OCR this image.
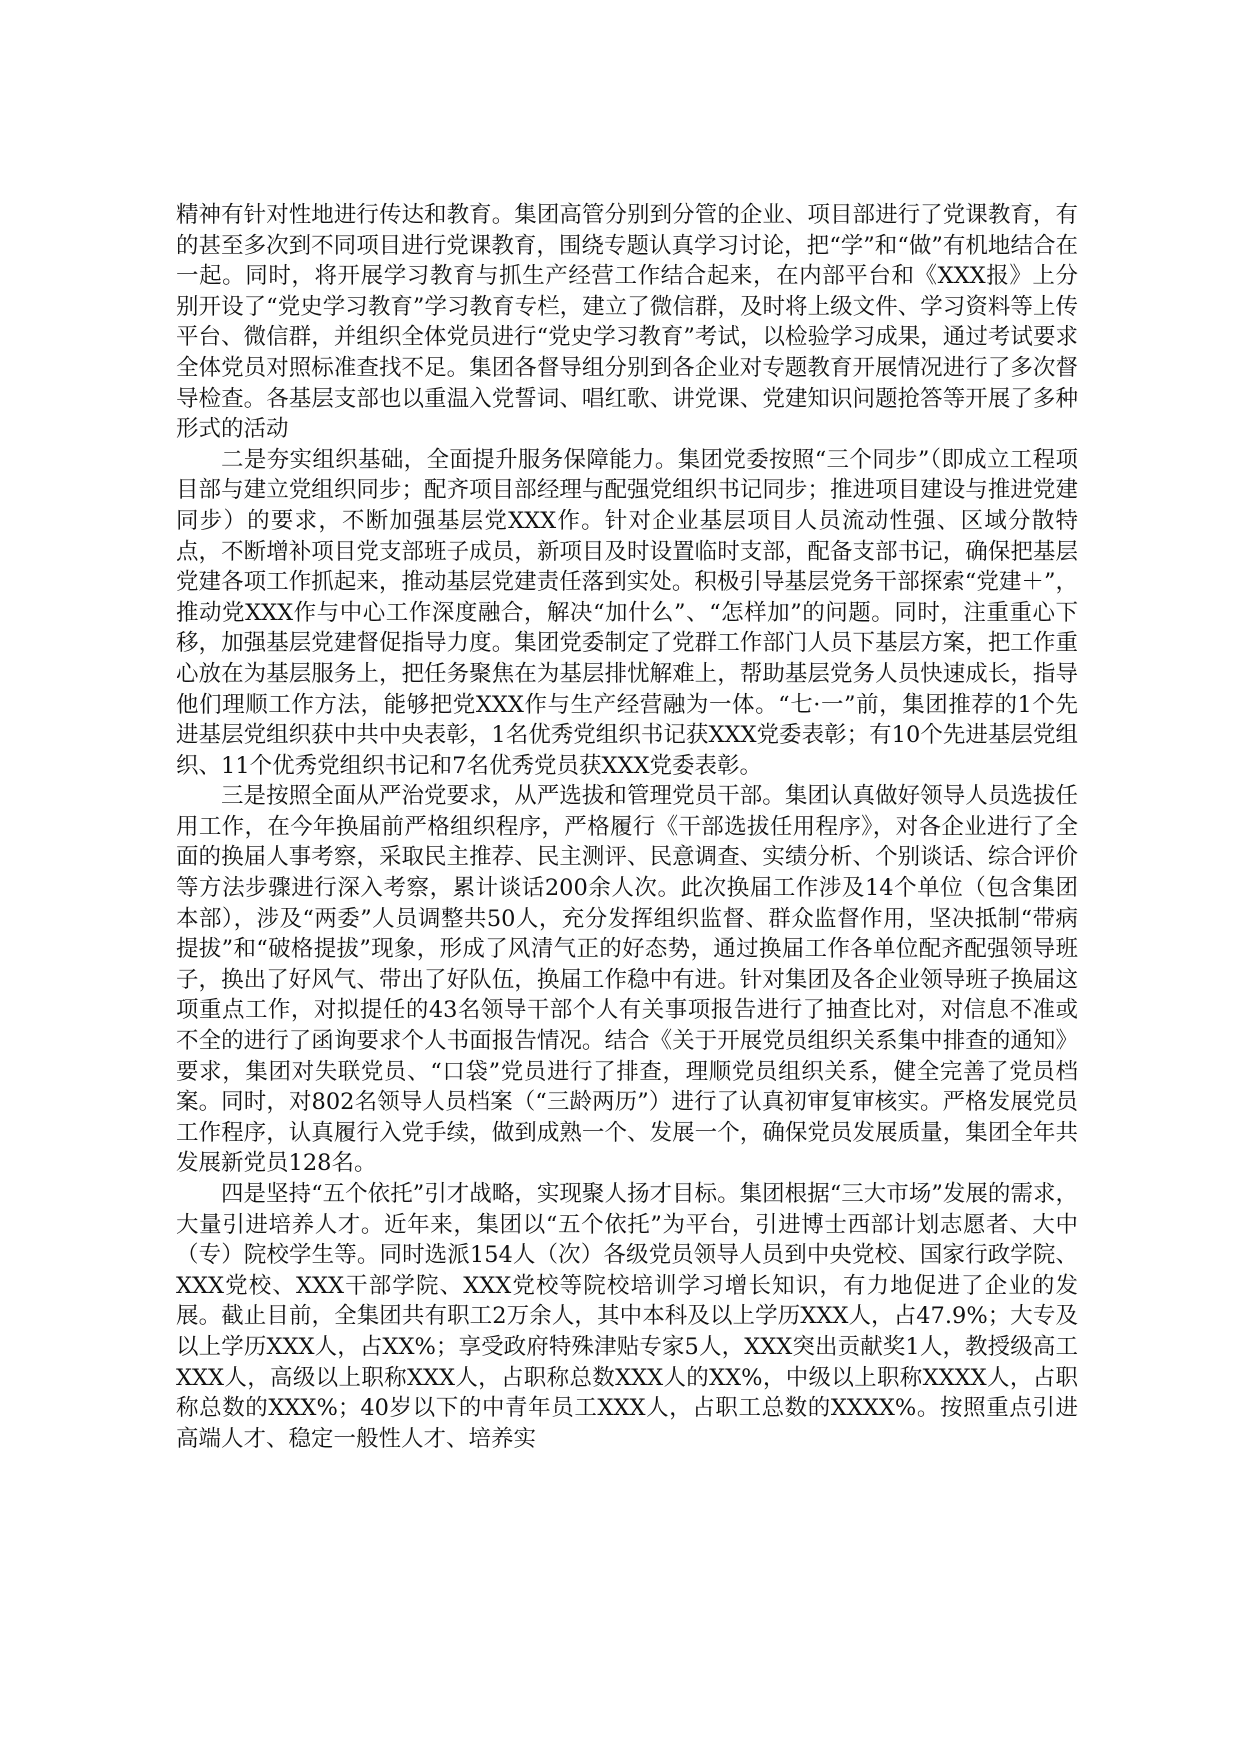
精神有针对性地进行传达和教育。集团高管分别到分管的企业、项目部进行了党课教育，有的甚至多次到不同项目进行党课教育，围绕专题认真学习讨论，把“学”和“做”有机地结合在一起。同时，将开展学习教育与抓生产经营工作结合起来，在内部平台和《XXX报》上分别开设了“党史学习教育”学习教育专栏，建立了微信群，及时将上级文件、学习资料等上传平台、微信群，并组织全体党员进行“党史学习教育”考试，以检验学习成果，通过考试要求全体党员对照标准查找不足。集团各督导组分别到各企业对专题教育开展情况进行了多次督导检查。各基层支部也以重温入党誓词、唱红歌、讲党课、党建知识问题抢答等开展了多种形式的活动

二是夯实组织基础，全面提升服务保障能力。集团党委按照“三个同步”（即成立工程项目部与建立党组织同步；配齐项目部经理与配强党组织书记同步；推进项目建设与推进党建同步）的要求，不断加强基层党XXX作。针对企业基层项目人员流动性强、区域分散特点，不断增补项目党支部班子成员，新项目及时设置临时支部，配备支部书记，确保把基层党建各项工作抓起来，推动基层党建责任落到实处。积极引导基层党务干部探索“党建＋”，推动党XXX作与中心工作深度融合，解决“加什么”、“怎样加”的问题。同时，注重重心下移，加强基层党建督促指导力度。集团党委制定了党群工作部门人员下基层方案，把工作重心放在为基层服务上，把任务聚焦在为基层排忧解难上，帮助基层党务人员快速成长，指导他们理顺工作方法，能够把党XXX作与生产经营融为一体。“七·一”前，集团推荐的1个先进基层党组织获中共中央表彰，1名优秀党组织书记获XXX党委表彰；有10个先进基层党组织、11个优秀党组织书记和7名优秀党员获XXX党委表彰。

三是按照全面从严治党要求，从严选拔和管理党员干部。集团认真做好领导人员选拔任用工作，在今年换届前严格组织程序，严格履行《干部选拔任用程序》，对各企业进行了全面的换届人事考察，采取民主推荐、民主测评、民意调查、实绩分析、个别谈话、综合评价等方法步骤进行深入考察，累计谈话200余人次。此次换届工作涉及14个单位（包含集团本部），涉及“两委”人员调整共50人，充分发挥组织监督、群众监督作用，坚决抵制“带病提拔”和“破格提拔”现象，形成了风清气正的好态势，通过换届工作各单位配齐配强领导班子，换出了好风气、带出了好队伍，换届工作稳中有进。针对集团及各企业领导班子换届这项重点工作，对拟提任的43名领导干部个人有关事项报告进行了抽查比对，对信息不准或不全的进行了函询要求个人书面报告情况。结合《关于开展党员组织关系集中排查的通知》要求，集团对失联党员、“口袋”党员进行了排查，理顺党员组织关系，健全完善了党员档案。同时，对802名领导人员档案（“三龄两历”）进行了认真初审复审核实。严格发展党员工作程序，认真履行入党手续，做到成熟一个、发展一个，确保党员发展质量，集团全年共发展新党员128名。

四是坚持“五个依托”引才战略，实现聚人扬才目标。集团根据“三大市场”发展的需求，大量引进培养人才。近年来，集团以“五个依托”为平台，引进博士西部计划志愿者、大中（专）院校学生等。同时选派154人（次）各级党员领导人员到中央党校、国家行政学院、XXX党校、XXX干部学院、XXX党校等院校培训学习增长知识，有力地促进了企业的发展。截止目前，全集团共有职工2万余人，其中本科及以上学历XXX人，占47.9%；大专及以上学历XXX人，占XX%；享受政府特殊津贴专家5人，XXX突出贡献奖1人，教授级高工XXX人，高级以上职称XXX人，占职称总数XXX人的XX%，中级以上职称XXXX人，占职称总数的XXX%；40岁以下的中青年员工XXX人，占职工总数的XXXX%。按照重点引进高端人才、稳定一般性人才、培养实
